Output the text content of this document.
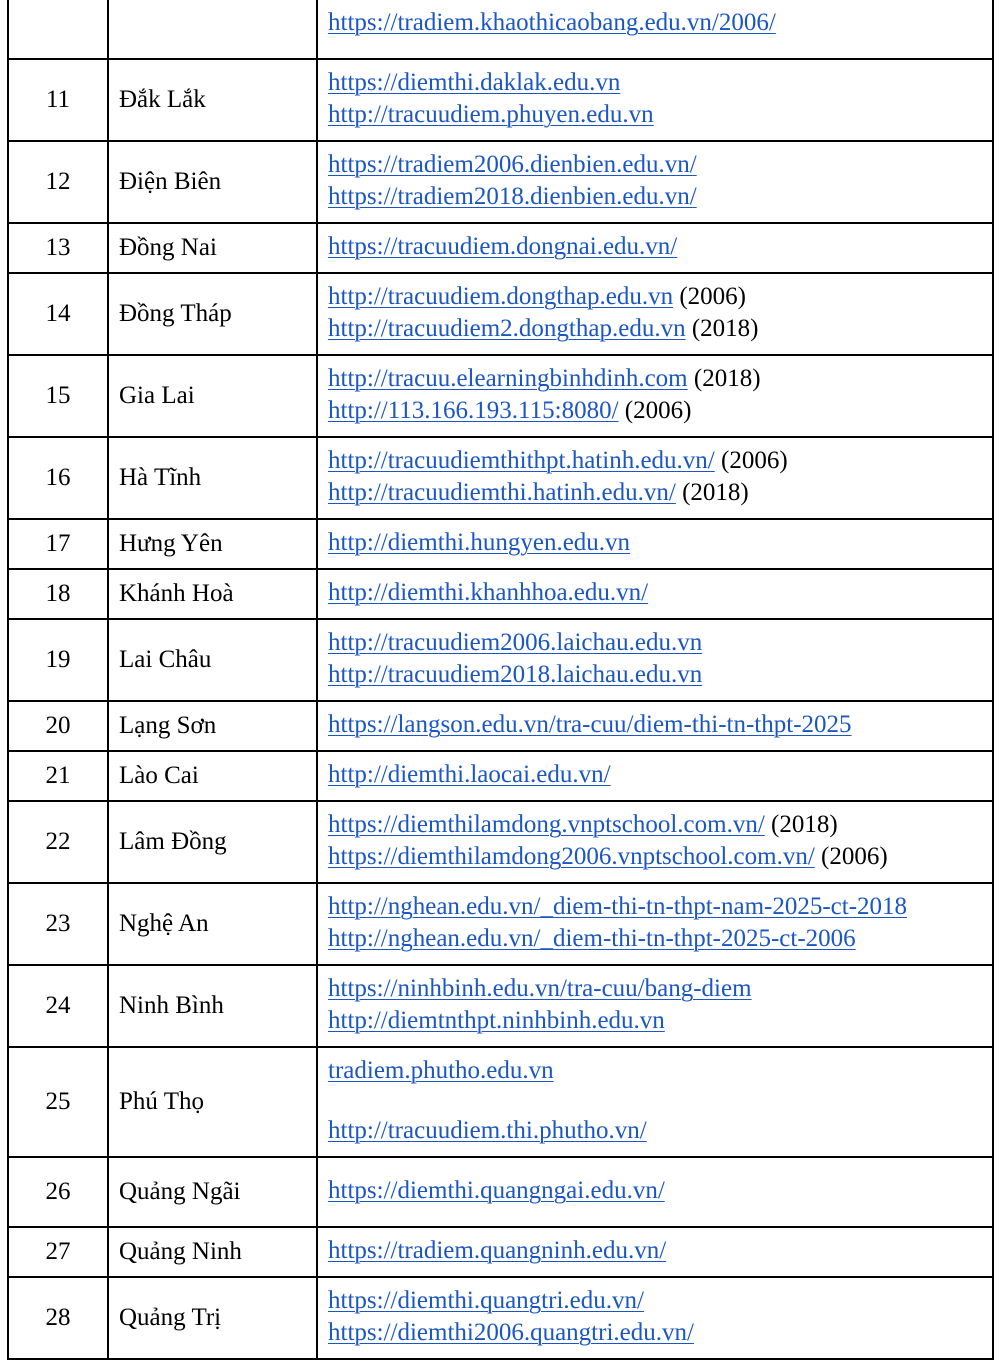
		https://tradiem.khaothicaobang.edu.vn/2006/

11	Đắk Lắk	https://diemthi.daklak.edu.vn
http://tracuudiem.phuyen.edu.vn

12	Điện Biên	https://tradiem2006.dienbien.edu.vn/
https://tradiem2018.dienbien.edu.vn/

13	Đồng Nai	https://tracuudiem.dongnai.edu.vn/

14	Đồng Tháp	http://tracuudiem.dongthap.edu.vn (2006)
http://tracuudiem2.dongthap.edu.vn (2018)

15	Gia Lai	http://tracuu.elearningbinhdinh.com (2018)
http://113.166.193.115:8080/ (2006)

16	Hà Tĩnh	http://tracuudiemthithpt.hatinh.edu.vn/ (2006)
http://tracuudiemthi.hatinh.edu.vn/ (2018)

17	Hưng Yên	http://diemthi.hungyen.edu.vn

18	Khánh Hoà	http://diemthi.khanhhoa.edu.vn/

19	Lai Châu	http://tracuudiem2006.laichau.edu.vn
http://tracuudiem2018.laichau.edu.vn

20	Lạng Sơn	https://langson.edu.vn/tra-cuu/diem-thi-tn-thpt-2025

21	Lào Cai	http://diemthi.laocai.edu.vn/

22	Lâm Đồng	https://diemthilamdong.vnptschool.com.vn/ (2018)
https://diemthilamdong2006.vnptschool.com.vn/ (2006)

23	Nghệ An	http://nghean.edu.vn/_diem-thi-tn-thpt-nam-2025-ct-2018
http://nghean.edu.vn/_diem-thi-tn-thpt-2025-ct-2006

24	Ninh Bình	https://ninhbinh.edu.vn/tra-cuu/bang-diem
http://diemtnthpt.ninhbinh.edu.vn

25	Phú Thọ	tradiem.phutho.edu.vn
http://tracuudiem.thi.phutho.vn/

26	Quảng Ngãi	https://diemthi.quangngai.edu.vn/

27	Quảng Ninh	https://tradiem.quangninh.edu.vn/

28	Quảng Trị	https://diemthi.quangtri.edu.vn/
https://diemthi2006.quangtri.edu.vn/
